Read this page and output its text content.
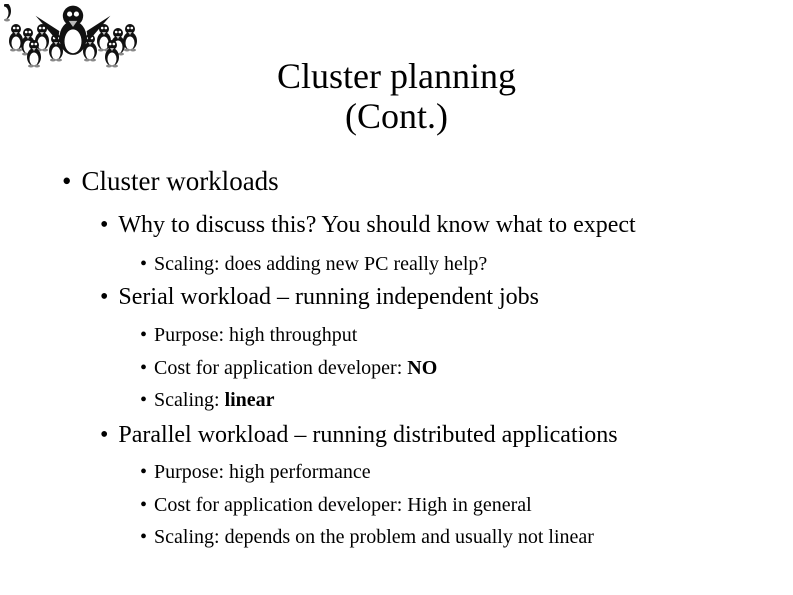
Cluster planning
(Cont.)
• Cluster workloads
• Why to discuss this? You should know what to expect
• Scaling: does adding new PC really help?
• Serial workload – running independent jobs
• Purpose: high throughput
• Cost for application developer: NO
• Scaling: linear
• Parallel workload – running distributed applications
• Purpose: high performance
• Cost for application developer: High in general
• Scaling: depends on the problem and usually not linear
